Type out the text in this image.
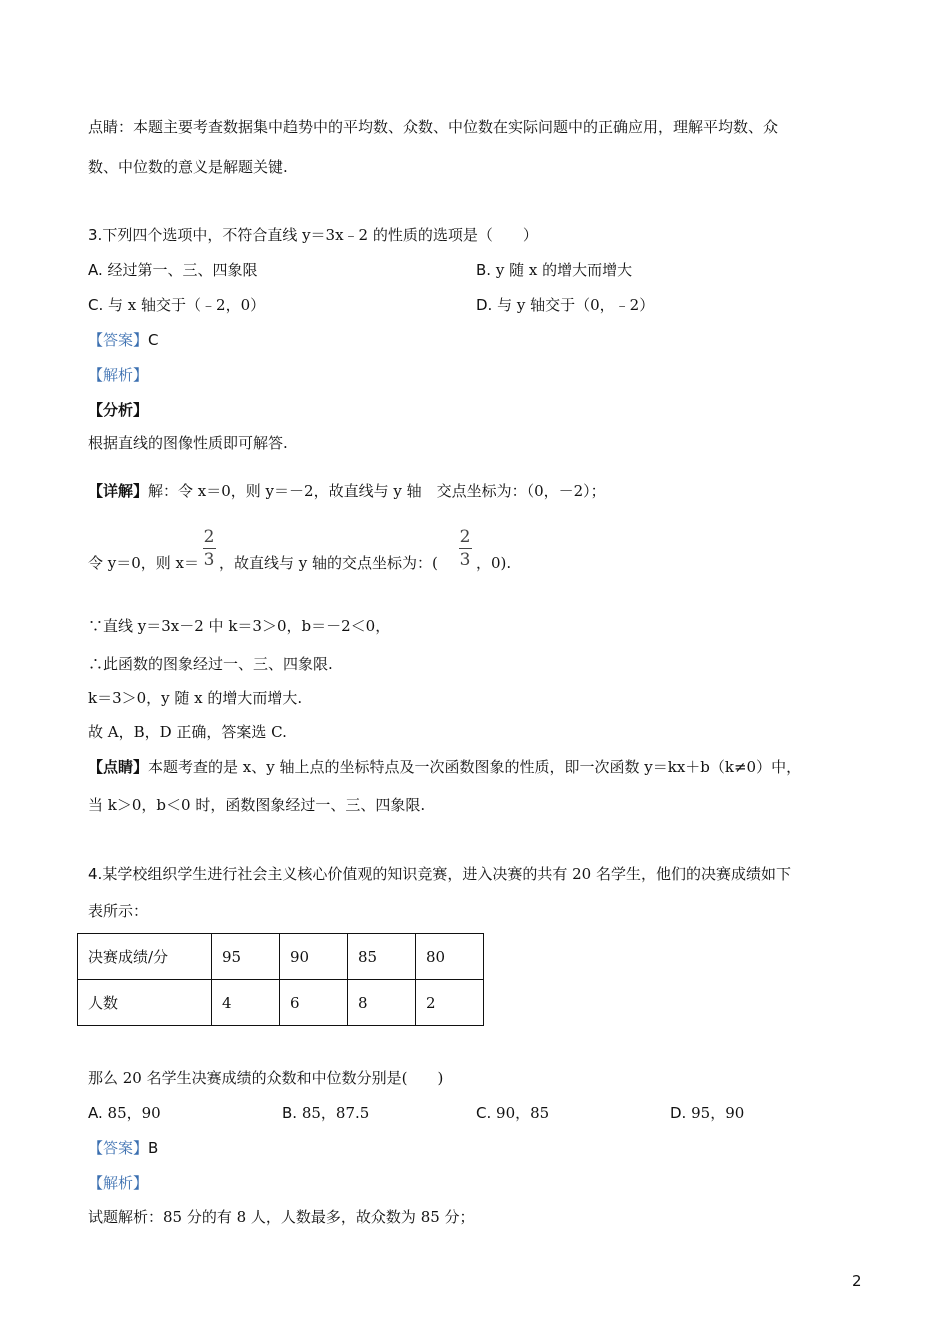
点睛：本题主要考查数据集中趋势中的平均数、众数、中位数在实际问题中的正确应用，理解平均数、众
数、中位数的意义是解题关键.
3.下列四个选项中，不符合直线 y＝3x﹣2 的性质的选项是（　　）
A. 经过第一、三、四象限	B. y 随 x 的增大而增大
C. 与 x 轴交于（﹣2，0）	D. 与 y 轴交于（0，﹣2）
【答案】C
【解析】
【分析】
根据直线的图像性质即可解答.
【详解】解：令 x＝0，则 y＝－2，故直线与 y 轴　交点坐标为：（0，－2）；
令 y＝0，则 x＝
2
3 ，故直线与 y 轴的交点坐标为：(
2
3 ，0).
∵直线 y＝3x－2 中 k＝3＞0，b＝－2＜0，
∴此函数的图象经过一、三、四象限.
k＝3＞0，y 随 x 的增大而增大.
故 A，B，D 正确，答案选 C.
【点睛】本题考查的是 x、y 轴上点的坐标特点及一次函数图象的性质，即一次函数 y＝kx＋b（k≠0）中，
当 k＞0，b＜0 时，函数图象经过一、三、四象限.
4.某学校组织学生进行社会主义核心价值观的知识竞赛，进入决赛的共有 20 名学生，他们的决赛成绩如下
表所示：
决赛成绩/分	95	90	85	80
人数	4	6	8	2
那么 20 名学生决赛成绩的众数和中位数分别是(　　)
A. 85，90	B. 85，87.5	C. 90，85	D. 95，90
【答案】B
【解析】
试题解析：85 分的有 8 人，人数最多，故众数为 85 分；
2
